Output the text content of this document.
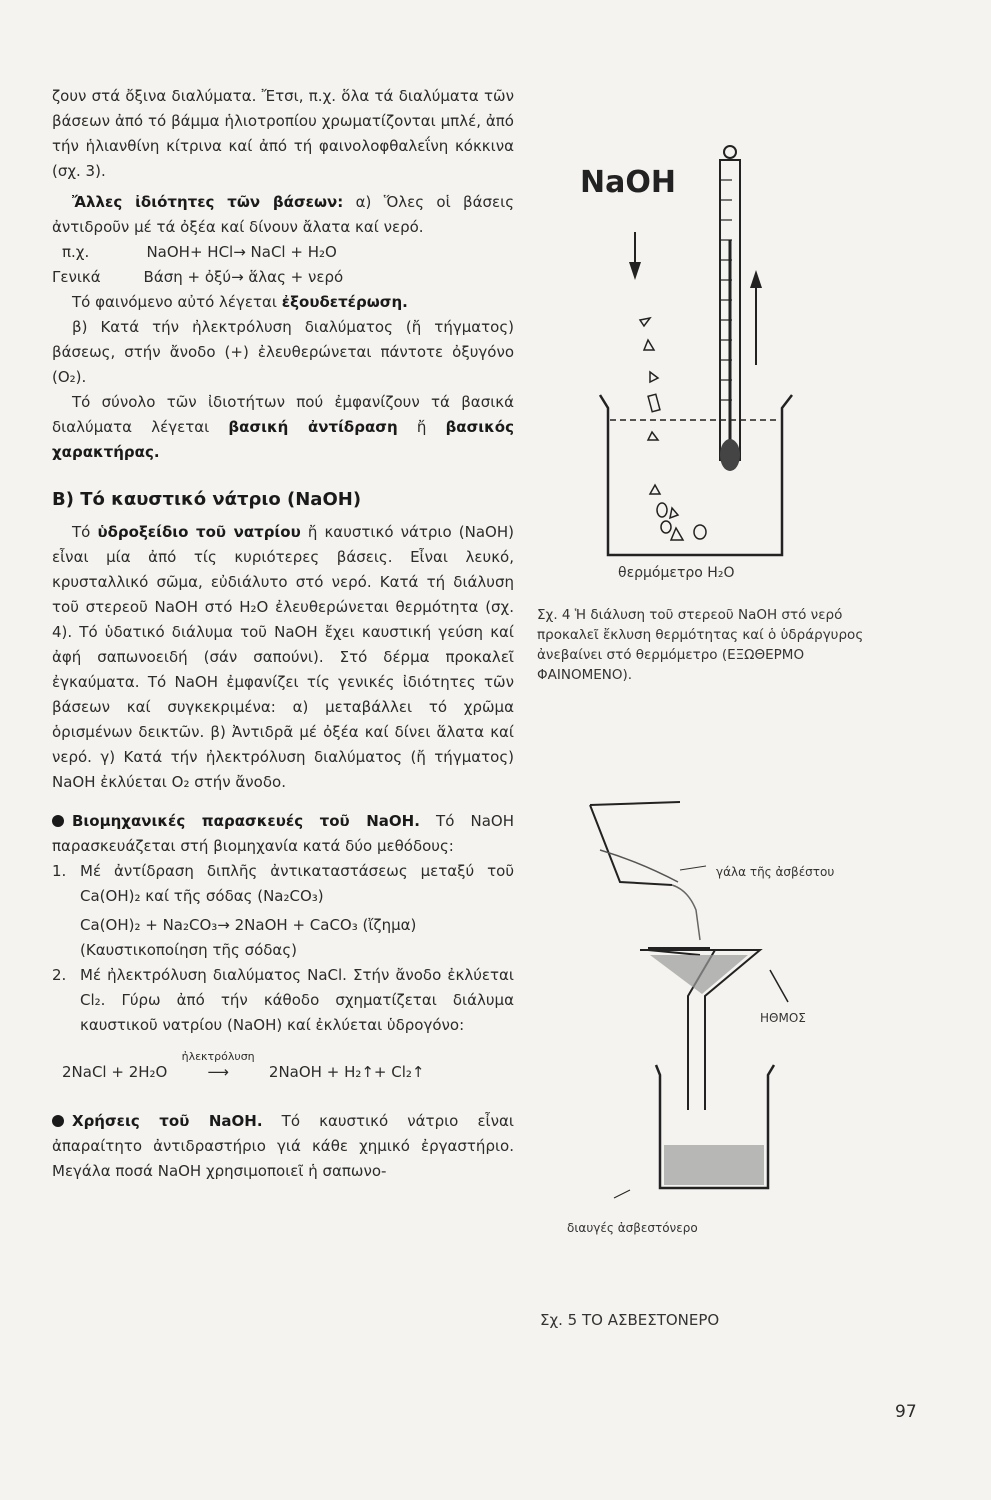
ζουν στά ὄξινα διαλύματα. Ἔτσι, π.χ. ὅλα τά διαλύματα τῶν βάσεων ἀπό τό βάμμα ἡλιοτροπίου χρωματίζονται μπλέ, ἀπό τήν ἡλιανθίνη κίτρινα καί ἀπό τή φαινολοφθαλεΐνη κόκκινα (σχ. 3).

Ἄλλες ἰδιότητες τῶν βάσεων: α) Ὅλες οἱ βάσεις ἀντιδροῦν μέ τά ὀξέα καί δίνουν ἄλατα καί νερό.

π.χ.            NaOH+ HCl→ NaCl + H₂O

Γενικά         Βάση + ὀξύ→ ἅλας + νερό

Τό φαινόμενο αὐτό λέγεται ἐξουδετέρωση.

β) Κατά τήν ἠλεκτρόλυση διαλύματος (ἤ τήγματος) βάσεως, στήν ἄνοδο (+) ἐλευθερώνεται πάντοτε ὀξυγόνο (O₂).

Τό σύνολο τῶν ἰδιοτήτων πού ἐμφανίζουν τά βασικά διαλύματα λέγεται βασική ἀντίδραση ἤ βασικός χαρακτήρας.

Β) Τό καυστικό νάτριο (NaOH)

Τό ὑδροξείδιο τοῦ νατρίου ἤ καυστικό νάτριο (NaOH) εἶναι μία ἀπό τίς κυριότερες βάσεις. Εἶναι λευκό, κρυσταλλικό σῶμα, εὐδιάλυτο στό νερό. Κατά τή διάλυση τοῦ στερεοῦ NaOH στό H₂O ἐλευθερώνεται θερμότητα (σχ. 4). Τό ὑδατικό διάλυμα τοῦ NaOH ἔχει καυστική γεύση καί ἀφή σαπωνοειδή (σάν σαπούνι). Στό δέρμα προκαλεῖ ἐγκαύματα. Τό NaOH ἐμφανίζει τίς γενικές ἰδιότητες τῶν βάσεων καί συγκεκριμένα: α) μεταβάλλει τό χρῶμα ὁρισμένων δεικτῶν. β) Ἀντιδρᾶ μέ ὀξέα καί δίνει ἅλατα καί νερό. γ) Κατά τήν ἠλεκτρόλυση διαλύματος (ἤ τήγματος) NaOH ἐκλύεται O₂ στήν ἄνοδο.

Βιομηχανικές παρασκευές τοῦ NaOH. Τό NaOH παρασκευάζεται στή βιομηχανία κατά δύο μεθόδους:

1. Μέ ἀντίδραση διπλῆς ἀντικαταστάσεως μεταξύ τοῦ Ca(OH)₂ καί τῆς σόδας (Na₂CO₃)

Ca(OH)₂ + Na₂CO₃→ 2NaOH + CaCO₃ (ἴζημα)

(Καυστικοποίηση τῆς σόδας)

2. Μέ ἠλεκτρόλυση διαλύματος NaCl. Στήν ἄνοδο ἐκλύεται Cl₂. Γύρω ἀπό τήν κάθοδο σχηματίζεται διάλυμα καυστικοῦ νατρίου (NaOH) καί ἐκλύεται ὑδρογόνο:

2NaCl + 2H₂O
ἠλεκτρόλυση
⟶	2NaOH + H₂↑+ Cl₂↑

Χρήσεις τοῦ NaOH. Τό καυστικό νάτριο εἶναι ἀπαραίτητο ἀντιδραστήριο γιά κάθε χημικό ἐργαστήριο. Μεγάλα ποσά NaOH χρησιμοποιεῖ ἡ σαπωνο-

NaOH
θερμόμετρο H₂O
Σχ. 4 Ἡ διάλυση τοῦ στερεοῦ NaOH στό νερό προκαλεῖ ἔκλυση θερμότητας καί ὁ ὑδράργυρος ἀνεβαίνει στό θερμόμετρο (ΕΞΩΘΕΡΜΟ ΦΑΙΝΟΜΕΝΟ).
γάλα τῆς ἀσβέστου
ΗΘΜΟΣ
διαυγές ἀσβεστόνερο
Σχ. 5 ΤΟ ΑΣΒΕΣΤΟΝΕΡΟ
97
